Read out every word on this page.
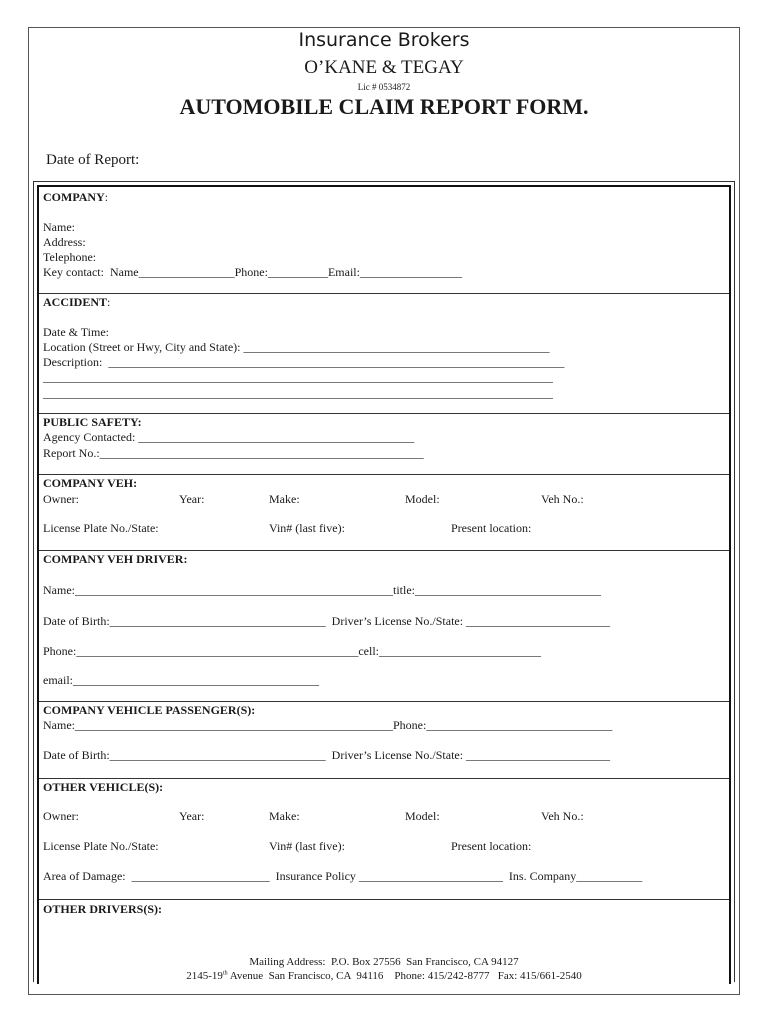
Insurance Brokers
O’KANE & TEGAY
Lic # 0534872
AUTOMOBILE CLAIM REPORT FORM.
Date of Report:
COMPANY:
Name:
Address:
Telephone:
Key contact:  Name________________Phone:__________Email:_________________
ACCIDENT:
Date & Time:
Location (Street or Hwy, City and State): ___________________________________________________
Description:  ____________________________________________________________________________
_____________________________________________________________________________________
_____________________________________________________________________________________
PUBLIC SAFETY:
Agency Contacted: ______________________________________________
Report No.:______________________________________________________
COMPANY VEH:
Owner:	Year:	Make:	Model:	Veh No.:
License Plate No./State:	Vin# (last five):	Present location:
COMPANY VEH DRIVER:
Name:_____________________________________________________title:_______________________________
Date of Birth:____________________________________  Driver’s License No./State: ________________________
Phone:_______________________________________________cell:___________________________
email:_________________________________________
COMPANY VEHICLE PASSENGER(S):
Name:_____________________________________________________Phone:_______________________________
Date of Birth:____________________________________  Driver’s License No./State: ________________________
OTHER VEHICLE(S):
Owner:	Year:	Make:	Model:	Veh No.:
License Plate No./State:	Vin# (last five):	Present location:
Area of Damage:  _______________________  Insurance Policy ________________________  Ins. Company___________
OTHER DRIVERS(S):
Mailing Address:  P.O. Box 27556  San Francisco, CA 94127
2145-19th Avenue  San Francisco, CA  94116    Phone: 415/242-8777   Fax: 415/661-2540
